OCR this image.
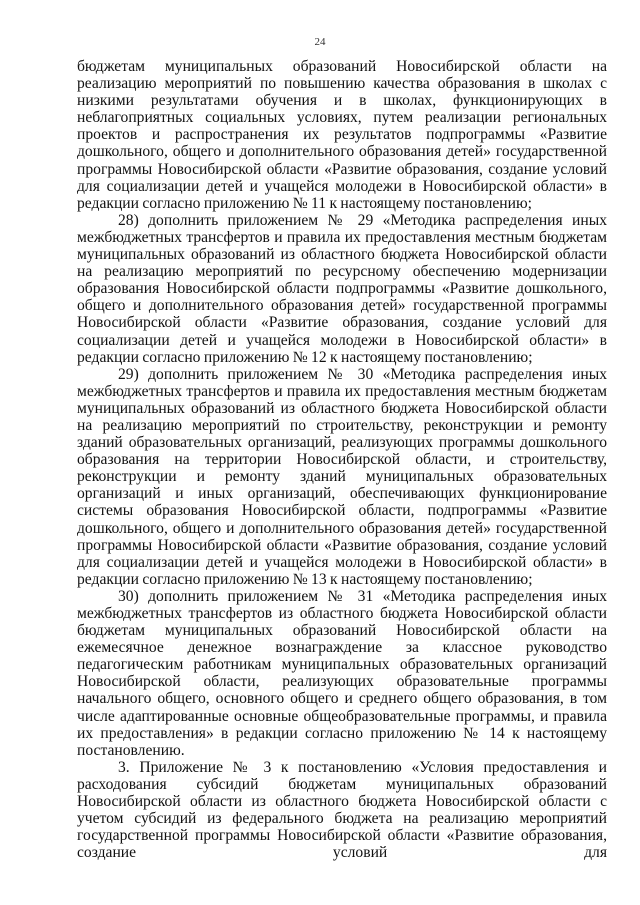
24

бюджетам муниципальных образований Новосибирской области на реализацию мероприятий по повышению качества образования в школах с низкими результатами обучения и в школах, функционирующих в неблагоприятных социальных условиях, путем реализации региональных проектов и распространения их результатов подпрограммы «Развитие дошкольного, общего и дополнительного образования детей» государственной программы Новосибирской области «Развитие образования, создание условий для социализации детей и учащейся молодежи в Новосибирской области» в редакции согласно приложению № 11 к настоящему постановлению;

28) дополнить приложением № 29 «Методика распределения иных межбюджетных трансфертов и правила их предоставления местным бюджетам муниципальных образований из областного бюджета Новосибирской области на реализацию мероприятий по ресурсному обеспечению модернизации образования Новосибирской области подпрограммы «Развитие дошкольного, общего и дополнительного образования детей» государственной программы Новосибирской области «Развитие образования, создание условий для социализации детей и учащейся молодежи в Новосибирской области» в редакции согласно приложению № 12 к настоящему постановлению;

29) дополнить приложением № 30 «Методика распределения иных межбюджетных трансфертов и правила их предоставления местным бюджетам муниципальных образований из областного бюджета Новосибирской области на реализацию мероприятий по строительству, реконструкции и ремонту зданий образовательных организаций, реализующих программы дошкольного образования на территории Новосибирской области, и строительству, реконструкции и ремонту зданий муниципальных образовательных организаций и иных организаций, обеспечивающих функционирование системы образования Новосибирской области, подпрограммы «Развитие дошкольного, общего и дополнительного образования детей» государственной программы Новосибирской области «Развитие образования, создание условий для социализации детей и учащейся молодежи в Новосибирской области» в редакции согласно приложению № 13 к настоящему постановлению;

30) дополнить приложением № 31 «Методика распределения иных межбюджетных трансфертов из областного бюджета Новосибирской области бюджетам муниципальных образований Новосибирской области на ежемесячное денежное вознаграждение за классное руководство педагогическим работникам муниципальных образовательных организаций Новосибирской области, реализующих образовательные программы начального общего, основного общего и среднего общего образования, в том числе адаптированные основные общеобразовательные программы, и правила их предоставления» в редакции согласно приложению № 14 к настоящему постановлению.

3. Приложение № 3 к постановлению «Условия предоставления и расходования субсидий бюджетам муниципальных образований Новосибирской области из областного бюджета Новосибирской области с учетом субсидий из федерального бюджета на реализацию мероприятий государственной программы Новосибирской области «Развитие образования, создание условий для
